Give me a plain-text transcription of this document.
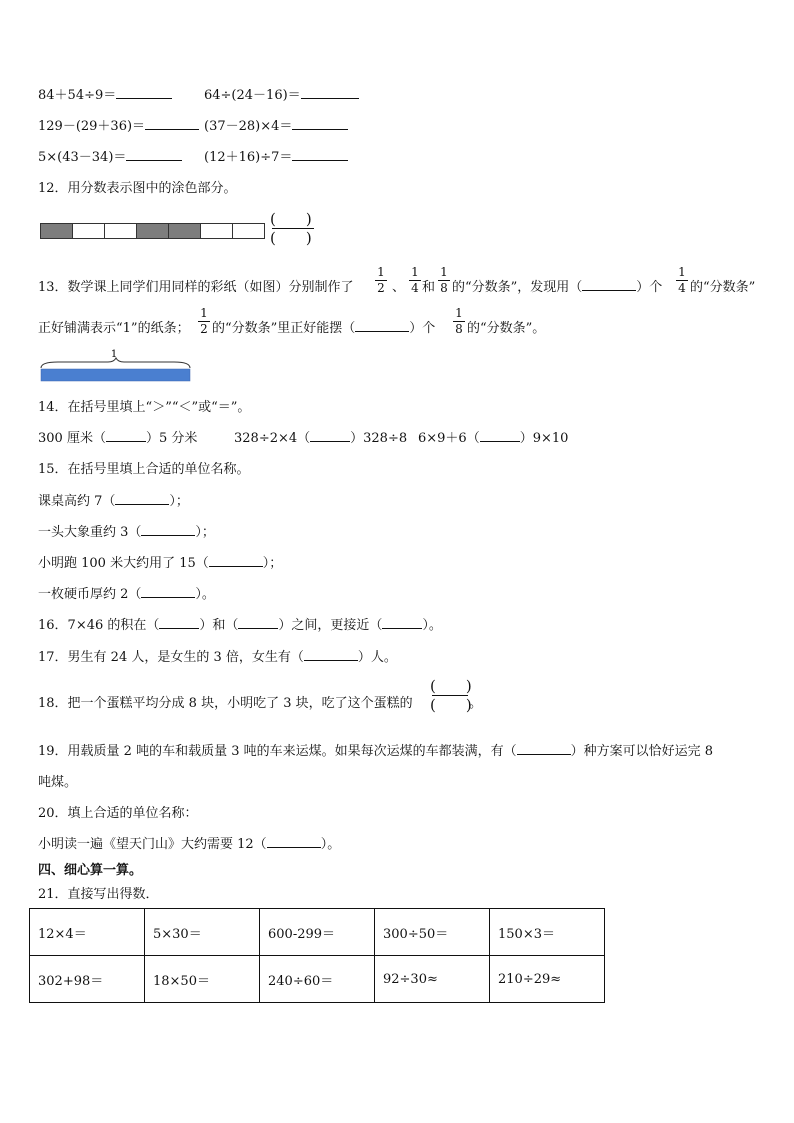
84＋54÷9＝	64÷(24－16)＝
129－(29＋36)＝	(37－28)×4＝
5×(43－34)＝	(12＋16)÷7＝
12．用分数表示图中的涂色部分。
(　　)
(　　)
13．数学课上同学们用同样的彩纸（如图）分别制作了
1
2 、
1
4 和
1
8 的“分数条”，发现用（	）个
1
4 的“分数条”
正好铺满表示“1”的纸条；
1
2 的“分数条”里正好能摆（	）个
1
8 的“分数条”。
1
14．在括号里填上“＞”“＜”或“＝”。
300 厘米（	）5 分米	328÷2×4（	）328÷8 6×9＋6（	）9×10
15．在括号里填上合适的单位名称。
课桌高约 7（	）；
一头大象重约 3（	）；
小明跑 100 米大约用了 15（	）；
一枚硬币厚约 2（	）。
16．7×46 的积在（	）和（	）之间，更接近（	）。
17．男生有 24 人，是女生的 3 倍，女生有（	）人。
18．把一个蛋糕平均分成 8 块，小明吃了 3 块，吃了这个蛋糕的
(　　)
(　　)
。
19．用载质量 2 吨的车和载质量 3 吨的车来运煤。如果每次运煤的车都装满，有（	）种方案可以恰好运完 8
吨煤。
20．填上合适的单位名称：
小明读一遍《望天门山》大约需要 12（	）。
四、细心算一算。
21．直接写出得数．
12×4＝	5×30＝	600-299＝	300÷50＝	150×3＝
302+98＝	18×50＝	240÷60＝	92÷30≈	210÷29≈
